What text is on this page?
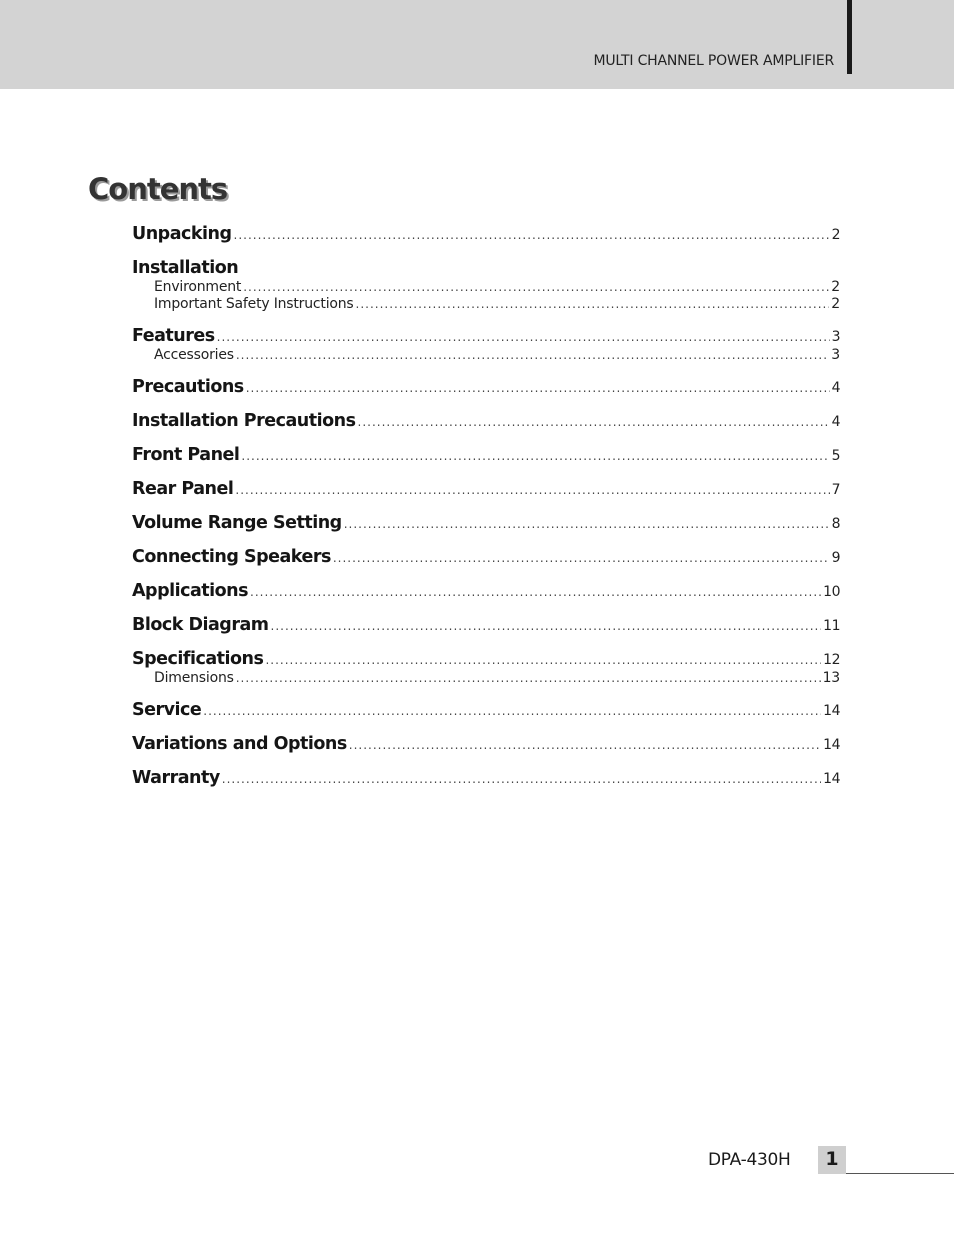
MULTI CHANNEL POWER AMPLIFIER
Contents
Unpacking .....	2
Installation
Environment .....	2
Important Safety Instructions .....	2
Features .....	3
Accessories .....	3
Precautions .....	4
Installation Precautions .....	4
Front Panel .....	5
Rear Panel .....	7
Volume Range Setting .....	8
Connecting Speakers .....	9
Applications .....	10
Block Diagram .....	11
Specifications .....	12
Dimensions .....	13
Service .....	14
Variations and Options .....	14
Warranty .....	14
DPA-430H	1
